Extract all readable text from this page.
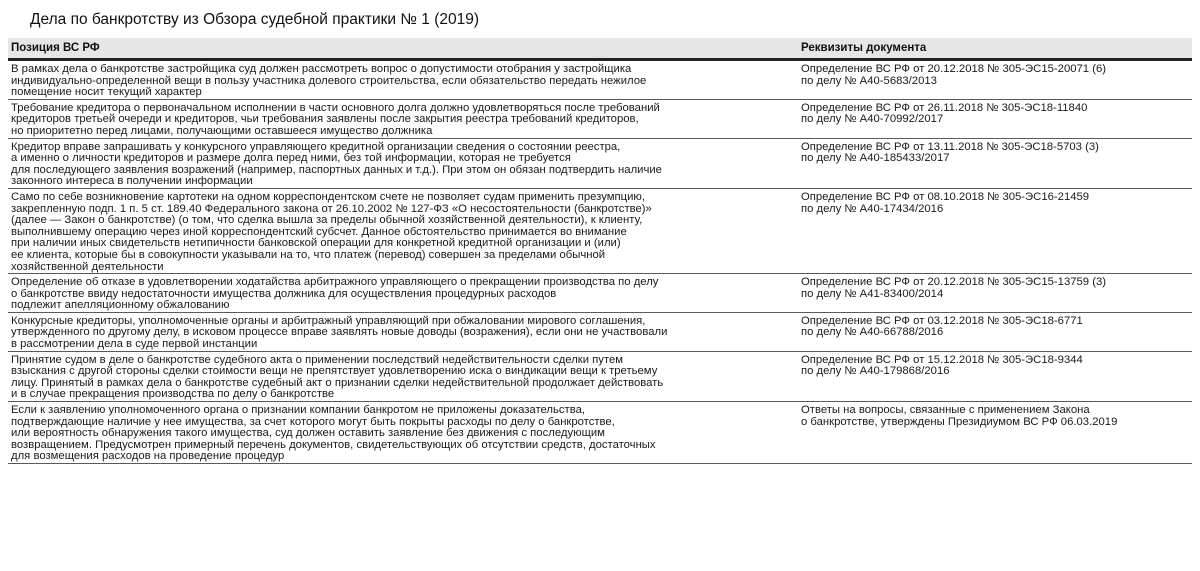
Дела по банкротству из Обзора судебной практики № 1 (2019)
Позиция ВС РФ	Реквизиты документа
В рамках дела о банкротстве застройщика суд должен рассмотреть вопрос о допустимости отобрания у застройщика
индивидуально-определенной вещи в пользу участника долевого строительства, если обязательство передать нежилое
помещение носит текущий характер
Определение ВС РФ от 20.12.2018 № 305-ЭС15-20071 (6)
по делу № А40-5683/2013
Требование кредитора о первоначальном исполнении в части основного долга должно удовлетворяться после требований
кредиторов третьей очереди и кредиторов, чьи требования заявлены после закрытия реестра требований кредиторов,
но приоритетно перед лицами, получающими оставшееся имущество должника
Определение ВС РФ от 26.11.2018 № 305-ЭС18-11840
по делу № А40-70992/2017
Кредитор вправе запрашивать у конкурсного управляющего кредитной организации сведения о состоянии реестра,
а именно о личности кредиторов и размере долга перед ними, без той информации, которая не требуется
для последующего заявления возражений (например, паспортных данных и т.д.). При этом он обязан подтвердить наличие
законного интереса в получении информации
Определение ВС РФ от 13.11.2018 № 305-ЭС18-5703 (3)
по делу № А40-185433/2017
Само по себе возникновение картотеки на одном корреспондентском счете не позволяет судам применить презумпцию,
закрепленную подп. 1 п. 5 ст. 189.40 Федерального закона от 26.10.2002 № 127-ФЗ «О несостоятельности (банкротстве)»
(далее — Закон о банкротстве) (о том, что сделка вышла за пределы обычной хозяйственной деятельности), к клиенту,
выполнившему операцию через иной корреспондентский субсчет. Данное обстоятельство принимается во внимание
при наличии иных свидетельств нетипичности банковской операции для конкретной кредитной организации и (или)
ее клиента, которые бы в совокупности указывали на то, что платеж (перевод) совершен за пределами обычной
хозяйственной деятельности
Определение ВС РФ от 08.10.2018 № 305-ЭС16-21459
по делу № А40-17434/2016
Определение об отказе в удовлетворении ходатайства арбитражного управляющего о прекращении производства по делу
о банкротстве ввиду недостаточности имущества должника для осуществления процедурных расходов
подлежит апелляционному обжалованию
Определение ВС РФ от 20.12.2018 № 305-ЭС15-13759 (3)
по делу № А41-83400/2014
Конкурсные кредиторы, уполномоченные органы и арбитражный управляющий при обжаловании мирового соглашения,
утвержденного по другому делу, в исковом процессе вправе заявлять новые доводы (возражения), если они не участвовали
в рассмотрении дела в суде первой инстанции
Определение ВС РФ от 03.12.2018 № 305-ЭС18-6771
по делу № А40-66788/2016
Принятие судом в деле о банкротстве судебного акта о применении последствий недействительности сделки путем
взыскания с другой стороны сделки стоимости вещи не препятствует удовлетворению иска о виндикации вещи к третьему
лицу. Принятый в рамках дела о банкротстве судебный акт о признании сделки недействительной продолжает действовать
и в случае прекращения производства по делу о банкротстве
Определение ВС РФ от 15.12.2018 № 305-ЭС18-9344
по делу № А40-179868/2016
Если к заявлению уполномоченного органа о признании компании банкротом не приложены доказательства,
подтверждающие наличие у нее имущества, за счет которого могут быть покрыты расходы по делу о банкротстве,
или вероятность обнаружения такого имущества, суд должен оставить заявление без движения с последующим
возвращением. Предусмотрен примерный перечень документов, свидетельствующих об отсутствии средств, достаточных
для возмещения расходов на проведение процедур
Ответы на вопросы, связанные с применением Закона
о банкротстве, утверждены Президиумом ВС РФ 06.03.2019
